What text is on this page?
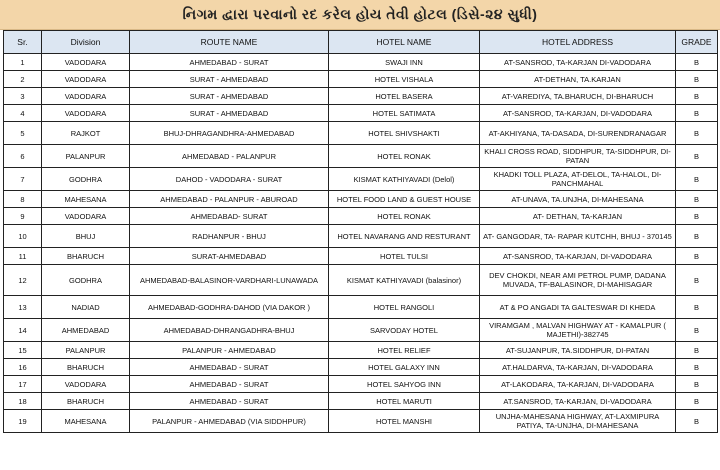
નિગમ દ્વારા પરવાનો રદ કરેલ હોય તેવી હોટલ (ડિસે-૨૪ સુધી)
Sr.	Division	ROUTE NAME	HOTEL NAME	HOTEL ADDRESS	GRADE
1	VADODARA	AHMEDABAD - SURAT	SWAJI INN	AT-SANSROD, TA-KARJAN DI-VADODARA	B
2	VADODARA	SURAT - AHMEDABAD	HOTEL VISHALA	AT-DETHAN, TA.KARJAN	B
3	VADODARA	SURAT - AHMEDABAD	HOTEL BASERA	AT-VAREDIYA, TA.BHARUCH, DI-BHARUCH	B
4	VADODARA	SURAT - AHMEDABAD	HOTEL SATIMATA	AT-SANSROD, TA-KARJAN, DI-VADODARA	B
5	RAJKOT	BHUJ-DHRAGANDHRA-AHMEDABAD	HOTEL SHIVSHAKTI	AT-AKHIYANA, TA-DASADA, DI-SURENDRANAGAR	B
6	PALANPUR	AHMEDABAD - PALANPUR	HOTEL RONAK	KHALI CROSS ROAD, SIDDHPUR, TA-SIDDHPUR, DI-PATAN	B
7	GODHRA	DAHOD - VADODARA - SURAT	KISMAT KATHIYAVADI (Delol)	KHADKI TOLL PLAZA, AT-DELOL, TA-HALOL, DI-PANCHMAHAL	B
8	MAHESANA	AHMEDABAD - PALANPUR - ABUROAD	HOTEL FOOD LAND & GUEST HOUSE	AT-UNAVA, TA.UNJHA, DI-MAHESANA	B
9	VADODARA	AHMEDABAD- SURAT	HOTEL RONAK	AT- DETHAN, TA-KARJAN	B
10	BHUJ	RADHANPUR - BHUJ	HOTEL NAVARANG AND RESTURANT	AT- GANGODAR, TA- RAPAR KUTCHH, BHUJ - 370145	B
11	BHARUCH	SURAT-AHMEDABAD	HOTEL TULSI	AT-SANSROD, TA-KARJAN, DI-VADODARA	B
12	GODHRA	AHMEDABAD-BALASINOR-VARDHARI-LUNAWADA	KISMAT KATHIYAVADI (balasinor)	DEV CHOKDI, NEAR AMI PETROL PUMP, DADANA MUVADA, TF-BALASINOR, DI-MAHISAGAR	B
13	NADIAD	AHMEDABAD-GODHRA-DAHOD (VIA DAKOR )	HOTEL RANGOLI	AT & PO ANGADI TA GALTESWAR DI KHEDA	B
14	AHMEDABAD	AHMEDABAD-DHRANGADHRA-BHUJ	SARVODAY HOTEL	VIRAMGAM , MALVAN HIGHWAY AT - KAMALPUR ( MAJETHI)-382745	B
15	PALANPUR	PALANPUR - AHMEDABAD	HOTEL RELIEF	AT-SUJANPUR, TA.SIDDHPUR, DI-PATAN	B
16	BHARUCH	AHMEDABAD - SURAT	HOTEL GALAXY INN	AT.HALDARVA, TA-KARJAN, DI-VADODARA	B
17	VADODARA	AHMEDABAD - SURAT	HOTEL SAHYOG INN	AT-LAKODARA, TA-KARJAN, DI-VADODARA	B
18	BHARUCH	AHMEDABAD - SURAT	HOTEL MARUTI	AT.SANSROD, TA-KARJAN, DI-VADODARA	B
19	MAHESANA	PALANPUR - AHMEDABAD (VIA SIDDHPUR)	HOTEL MANSHI	UNJHA-MAHESANA HIGHWAY, AT-LAXMIPURA PATIYA, TA-UNJHA, DI-MAHESANA	B
